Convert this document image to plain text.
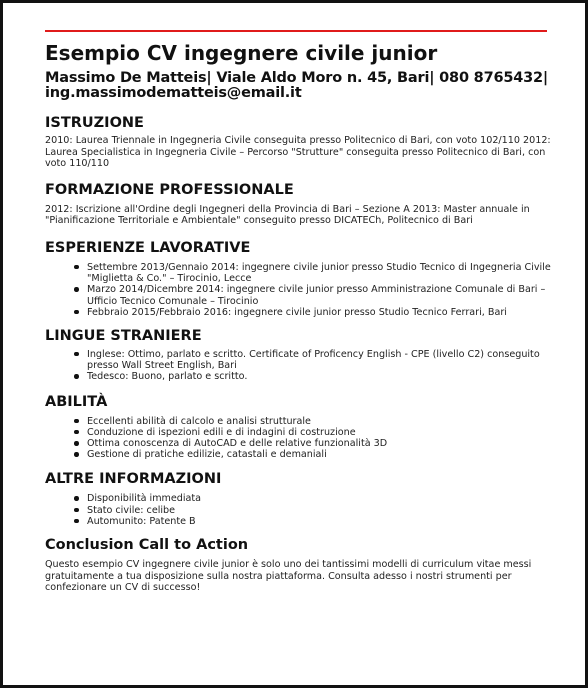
Esempio CV ingegnere civile junior
Massimo De Matteis| Viale Aldo Moro n. 45, Bari| 080 8765432| ing.massimodematteis@email.it
ISTRUZIONE

2010: Laurea Triennale in Ingegneria Civile conseguita presso Politecnico di Bari, con voto 102/110 2012: Laurea Specialistica in Ingegneria Civile – Percorso "Strutture" conseguita presso Politecnico di Bari, con voto 110/110

FORMAZIONE PROFESSIONALE

2012: Iscrizione all'Ordine degli Ingegneri della Provincia di Bari – Sezione A 2013: Master annuale in "Pianificazione Territoriale e Ambientale" conseguito presso DICATECh, Politecnico di Bari

ESPERIENZE LAVORATIVE
Settembre 2013/Gennaio 2014: ingegnere civile junior presso Studio Tecnico di Ingegneria Civile "Miglietta & Co." – Tirocinio, Lecce
Marzo 2014/Dicembre 2014: ingegnere civile junior presso Amministrazione Comunale di Bari – Ufficio Tecnico Comunale – Tirocinio
Febbraio 2015/Febbraio 2016: ingegnere civile junior presso Studio Tecnico Ferrari, Bari
LINGUE STRANIERE
Inglese: Ottimo, parlato e scritto. Certificate of Proficency English - CPE (livello C2) conseguito presso Wall Street English, Bari
Tedesco: Buono, parlato e scritto.
ABILITÀ
Eccellenti abilità di calcolo e analisi strutturale
Conduzione di ispezioni edili e di indagini di costruzione
Ottima conoscenza di AutoCAD e delle relative funzionalità 3D
Gestione di pratiche edilizie, catastali e demaniali
ALTRE INFORMAZIONI
Disponibilità immediata
Stato civile: celibe
Automunito: Patente B
Conclusion Call to Action

Questo esempio CV ingegnere civile junior è solo uno dei tantissimi modelli di curriculum vitae messi gratuitamente a tua disposizione sulla nostra piattaforma. Consulta adesso i nostri strumenti per confezionare un CV di successo!
